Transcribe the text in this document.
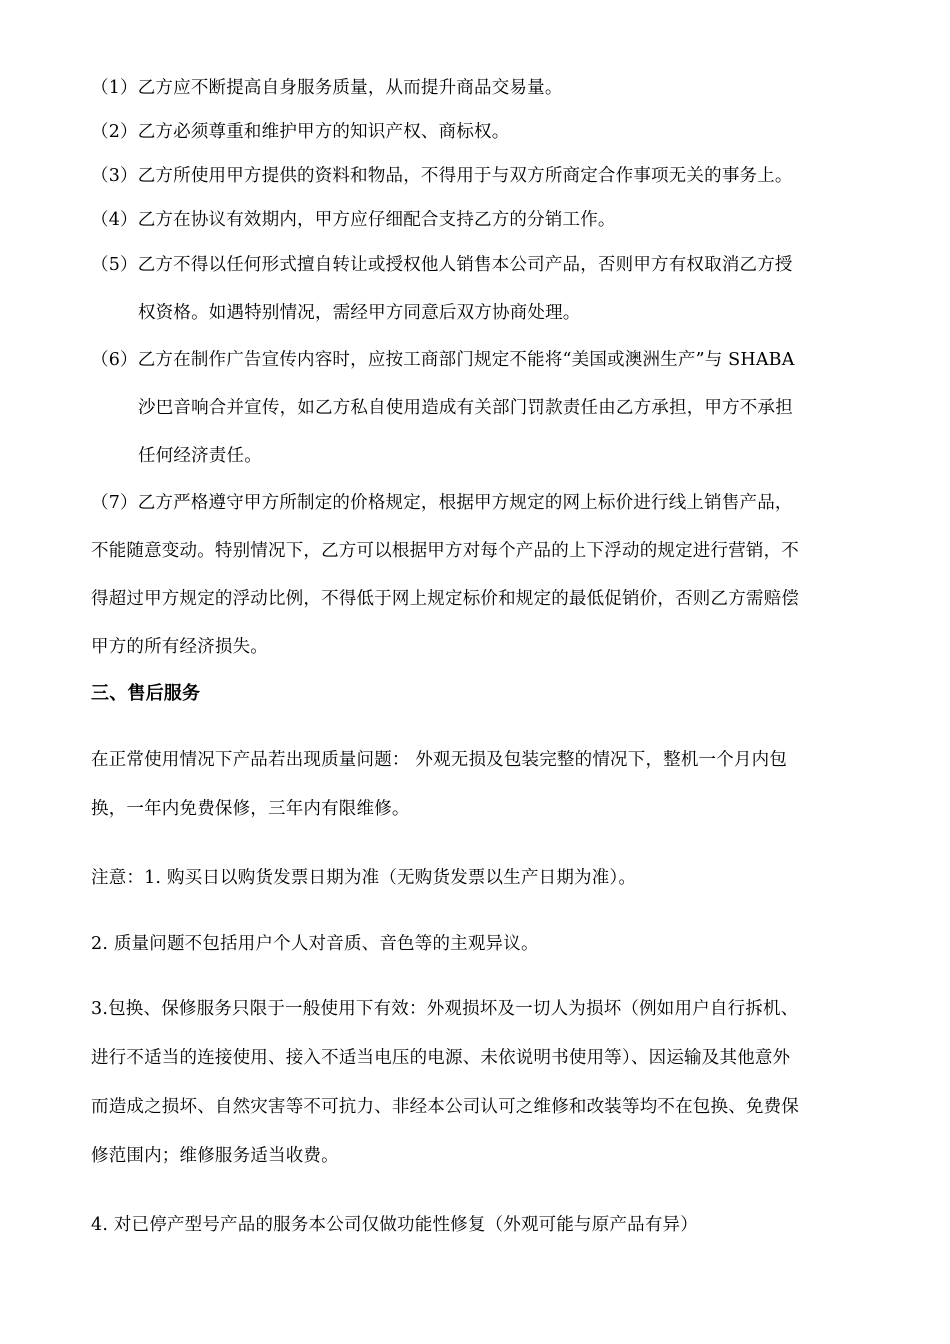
（1）乙方应不断提高自身服务质量，从而提升商品交易量。
（2）乙方必须尊重和维护甲方的知识产权、商标权。
（3）乙方所使用甲方提供的资料和物品，不得用于与双方所商定合作事项无关的事务上。
（4）乙方在协议有效期内，甲方应仔细配合支持乙方的分销工作。
（5）乙方不得以任何形式擅自转让或授权他人销售本公司产品，否则甲方有权取消乙方授
权资格。如遇特别情况，需经甲方同意后双方协商处理。
（6）乙方在制作广告宣传内容时，应按工商部门规定不能将“美国或澳洲生产”与 SHABA
沙巴音响合并宣传，如乙方私自使用造成有关部门罚款责任由乙方承担，甲方不承担
任何经济责任。
（7）乙方严格遵守甲方所制定的价格规定，根据甲方规定的网上标价进行线上销售产品，
不能随意变动。特别情况下，乙方可以根据甲方对每个产品的上下浮动的规定进行营销，不
得超过甲方规定的浮动比例，不得低于网上规定标价和规定的最低促销价，否则乙方需赔偿
甲方的所有经济损失。
三、售后服务
在正常使用情况下产品若出现质量问题： 外观无损及包装完整的情况下，整机一个月内包
换，一年内免费保修，三年内有限维修。
注意：1. 购买日以购货发票日期为准（无购货发票以生产日期为准）。
2. 质量问题不包括用户个人对音质、音色等的主观异议。
3.包换、保修服务只限于一般使用下有效：外观损坏及一切人为损坏（例如用户自行拆机、
进行不适当的连接使用、接入不适当电压的电源、未依说明书使用等）、因运输及其他意外
而造成之损坏、自然灾害等不可抗力、非经本公司认可之维修和改装等均不在包换、免费保
修范围内；维修服务适当收费。
4. 对已停产型号产品的服务本公司仅做功能性修复（外观可能与原产品有异）
